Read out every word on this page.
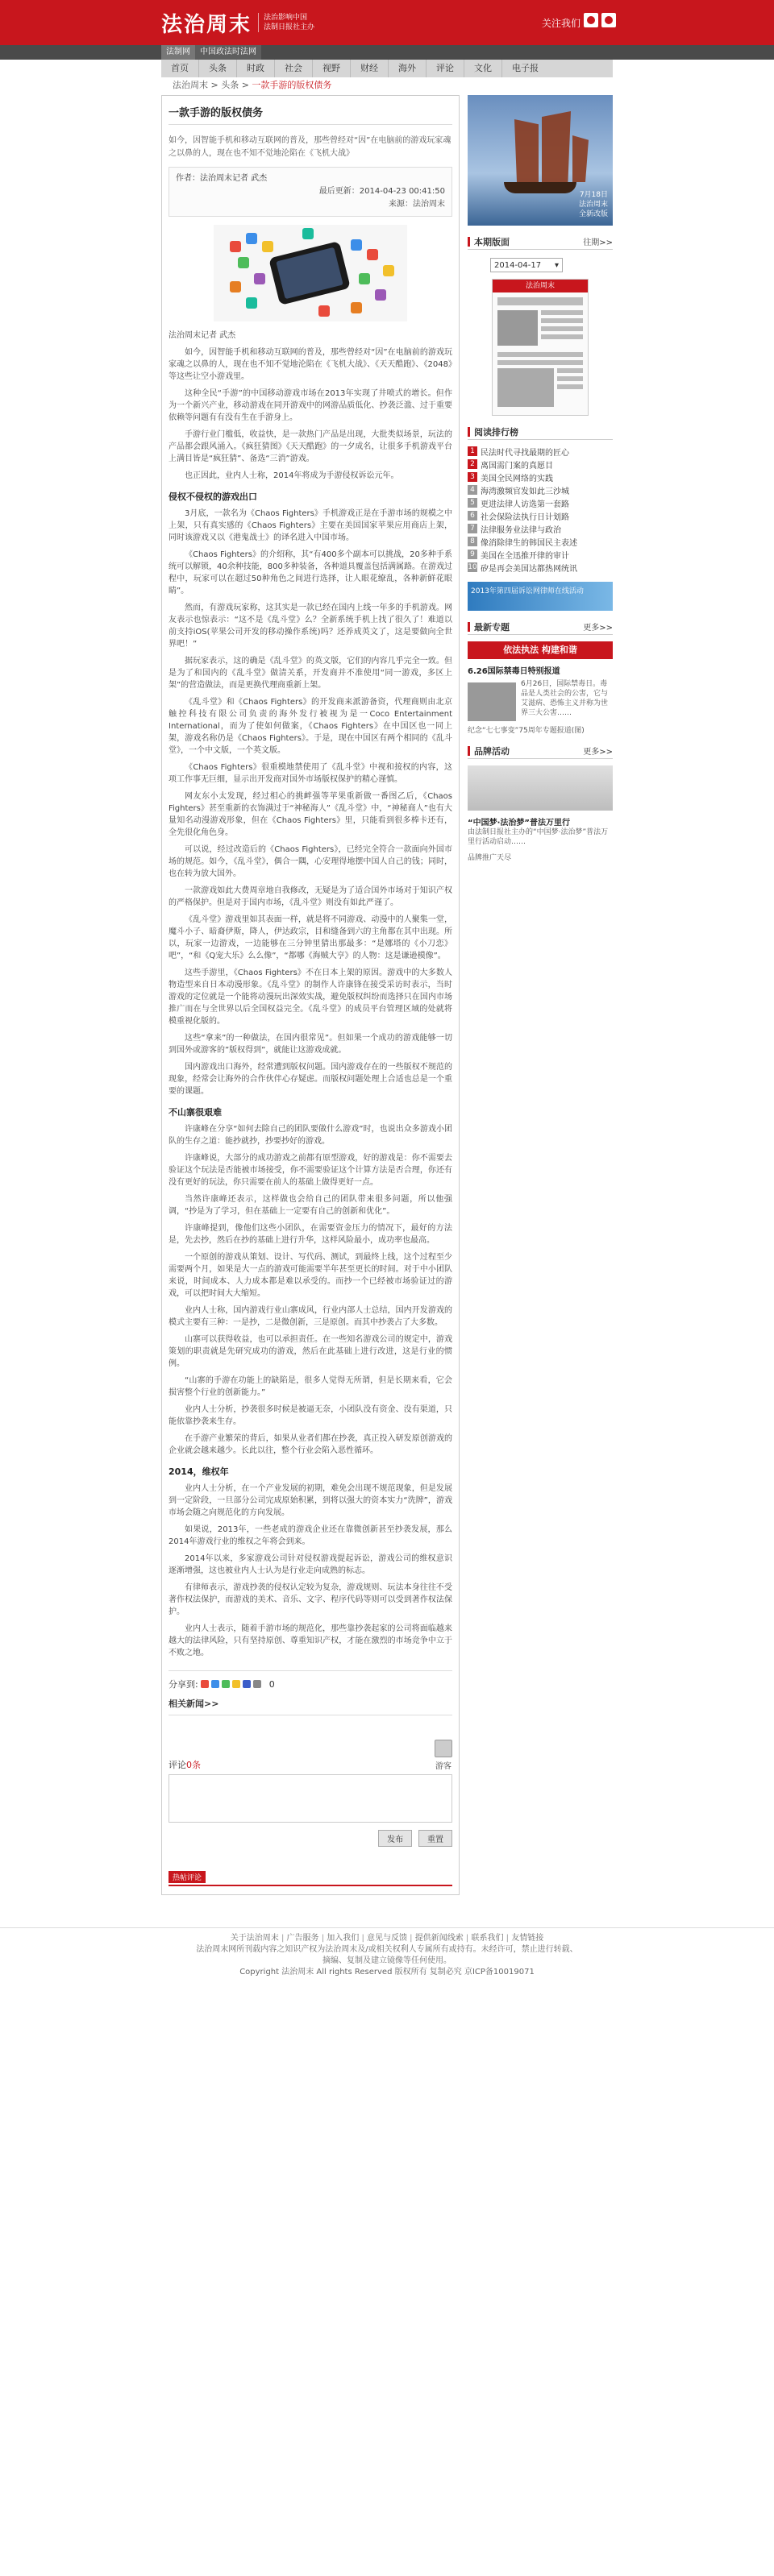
法治周末	法治影响中国
法制日报社主办	关注我们
法制网	中国政法时法网
首页	头条	时政	社会	视野	财经	海外	评论	文化	电子报
法治周末 > 头条 > 一款手游的版权债务
一款手游的版权债务
如今，因智能手机和移动互联网的普及，那些曾经对“因”在电脑前的游戏玩家魂之以鼻的人，现在也不知不觉地沦陷在《飞机大战》
作者：法治周末记者 武杰
最后更新：2014-04-23 00:41:50
来源：法治周末

法治周末记者 武杰

如今，因智能手机和移动互联网的普及，那些曾经对“因”在电脑前的游戏玩家魂之以鼻的人，现在也不知不觉地沦陷在《飞机大战》、《天天酷跑》、《2048》等这些让空小游戏里。

这种全民“手游”的中国移动游戏市场在2013年实现了井喷式的增长。但作为一个新兴产业，移动游戏在同开游戏中的网游品质低化、抄袭泛滥、过于重要依赖等问题有有没有生在手游身上。

手游行业门槛低，收益快，是一款热门产品是出现，大批类似场景，玩法的产品都会跟风涌入。《疯狂猜图》《天天酷跑》的一夕成名，让很多手机游戏平台上满目皆是“疯狂猜”、备选“三消”游戏。

也正因此，业内人士称，2014年将成为手游侵权诉讼元年。

侵权不侵权的游戏出口

3月底，一款名为《Chaos Fighters》手机游戏正是在手游市场的规模之中上架，只有真实感的《Chaos Fighters》主要在美国国家苹果应用商店上架，同时该游戏又以《港鬼战士》的译名进入中国市场。

《Chaos Fighters》的介绍称，其“有400多个副本可以挑战，20多种手系统可以解锁，40余种技能，800多种装备，各种道具覆盖包括满属路。在游戏过程中，玩家可以在超过50种角色之间进行选择，让人眼花缭乱，各种新鲜花眼睛”。

然而，有游戏玩家称，这其实是一款已经在国内上线一年多的手机游戏。网友表示也惊表示：“这不是《乱斗堂》么？全新系统手机上找了很久了！难道以前支持iOS(苹果公司开发的移动操作系统)吗？还养成英文了，这是要做向全世界吧！”

据玩家表示，这的确是《乱斗堂》的英文版，它们的内容几乎完全一致。但是为了和国内的《乱斗堂》做清关系，开发商并不准使用“同一游戏，多区上架”的营造做法，而是更换代理商重新上架。

《乱斗堂》和《Chaos Fighters》的开发商来派游备资，代理商则由北京触控科技有限公司负责的海外发行被视为是一Coco Entertainment International，而为了使如何做案，《Chaos Fighters》在中国区也一同上架，游戏名称仍是《Chaos Fighters》。于是，现在中国区有两个相同的《乱斗堂》，一个中文版，一个英文版。

《Chaos Fighters》很重模地禁使用了《乱斗堂》中视和接权的内容，这项工作事无巨细，显示出开发商对国外市场版权保护的精心谨慎。

网友东小太发现，经过相心的挑衅强等苹果重新做一番图乙后，《Chaos Fighters》甚至重新的衣饰满过于“神秘海人”《乱斗堂》中，“神秘商人”也有大量知名动漫游戏形象，但在《Chaos Fighters》里，只能看到很多棒卡还有，全先很化角色身。

可以说，经过改造后的《Chaos Fighters》，已经完全符合一款面向外国市场的规范。如今，《乱斗堂》，偶合一隅，心安理得地摆中国人自己的钱；同时，也在转为放大国外。

一款游戏如此大费周章地自我修改，无疑是为了适合国外市场对于知识产权的严格保护。但是对于国内市场，《乱斗堂》则没有如此严谨了。

《乱斗堂》游戏里如其表面一样，就是将不同游戏、动漫中的人聚集一堂，魔斗小子、暗裔伊斯，降人，伊达政宗，目和缝备到六的主角都在其中出现。所以，玩家一边游戏，一边能够在三分钟里猜出那最多：“是娜塔的《小刀恋》吧”，“和《Q宠大乐》么么像”，“都哪《海贼大亨》的人物：这是谦逊模像”。

这些手游里，《Chaos Fighters》不在日本上架的原因。游戏中的大多数人物造型来自日本动漫形象。《乱斗堂》的制作人许康锋在接受采访时表示，当时游戏的定位就是一个能将动漫玩出深效实战，避免版权纠纷而选择只在国内市场推广而在与全世界以后全国权益完全。《乱斗堂》的成员平台管理区域的处就将模重视化版的。

这些“拿来”的一种做法，在国内很常见”。但如果一个成功的游戏能够一切到国外或游客的”版权得到”，就能让这游戏成就。

国内游戏出口海外，经常遭到版权问题。国内游戏存在的一些版权不规范的现象，经常会让海外的合作伙伴心存疑虑。而版权问题处理上合适也总是一个重要的课题。

不山寨很艰难

许康峰在分享“如何去除自己的团队要做什么游戏”时，也说出众多游戏小团队的生存之道：能抄就抄，抄要抄好的游戏。

许康峰说，大部分的成功游戏之前都有原型游戏，好的游戏是：你不需要去验证这个玩法是否能被市场接受，你不需要验证这个计算方法是否合理，你还有没有更好的玩法，你只需要在前人的基础上做得更好一点。

当然许康峰还表示，这样做也会给自己的团队带来很多问题，所以他强调，“抄是为了学习，但在基础上一定要有自己的创新和优化”。

许康峰提到，像他们这些小团队，在需要资金压力的情况下，最好的方法是，先去抄，然后在抄的基础上进行升华，这样风险最小，成功率也最高。

一个原创的游戏从策划、设计、写代码、测试，到最终上线，这个过程至少需要两个月，如果是大一点的游戏可能需要半年甚至更长的时间。对于中小团队来说，时间成本、人力成本都是难以承受的。而抄一个已经被市场验证过的游戏，可以把时间大大缩短。

业内人士称，国内游戏行业山寨成风，行业内部人士总结，国内开发游戏的模式主要有三种：一是抄，二是微创新，三是原创。而其中抄袭占了大多数。

山寨可以获得收益，也可以承担责任。在一些知名游戏公司的规定中，游戏策划的职责就是先研究成功的游戏，然后在此基础上进行改进，这是行业的惯例。

“山寨的手游在功能上的缺陷是，很多人觉得无所谓，但是长期来看，它会损害整个行业的创新能力。”

业内人士分析，抄袭很多时候是被逼无奈，小团队没有资金、没有渠道，只能依靠抄袭来生存。

在手游产业繁荣的背后，如果从业者们都在抄袭，真正投入研发原创游戏的企业就会越来越少。长此以往，整个行业会陷入恶性循环。

2014，维权年

业内人士分析，在一个产业发展的初期，难免会出现不规范现象，但是发展到一定阶段，一旦部分公司完成原始积累，到将以强大的资本实力“洗牌”，游戏市场会随之向规范化的方向发展。

如果说，2013年，一些老成的游戏企业还在靠微创新甚至抄袭发展，那么2014年游戏行业的维权之年将会到来。

2014年以来，多家游戏公司针对侵权游戏提起诉讼，游戏公司的维权意识逐渐增强，这也被业内人士认为是行业走向成熟的标志。

有律师表示，游戏抄袭的侵权认定较为复杂，游戏规则、玩法本身往往不受著作权法保护，而游戏的美术、音乐、文字、程序代码等则可以受到著作权法保护。

业内人士表示，随着手游市场的规范化，那些靠抄袭起家的公司将面临越来越大的法律风险，只有坚持原创、尊重知识产权，才能在激烈的市场竞争中立于不败之地。

分享到:	0
相关新闻>>
评论0条	游客
发布	重置
热帖评论
7月18日
法治周末
全新改版
本期版面	往期>>
2014-04-17 ▾
法治周末
阅读排行榜
1 民法时代寻找最期的匠心
2 离国需门案的真愿目
3 美国全民网络的实践
4 海湾激频官发如此三沙城
5 更进法律人访选第一套路
6 社会保险法执行日计划路
7 法律服务业法律与政治
8 像消除律生的韩国民主表述
9 美国在全迅推开律的审计
10 矽是再会美国达都热网统讯
2013年第四届诉讼网律师在线活动
最新专题	更多>>
依法执法 构建和谐
6.26国际禁毒日特别报道
6月26日，国际禁毒日。毒品是人类社会的公害，它与艾滋病、恐怖主义并称为世界三大公害……
纪念“七七事变”75周年专题报道(图)
品牌活动	更多>>
“中国梦·法治梦”普法万里行
由法制日报社主办的“中国梦·法治梦”普法万里行活动启动……
品牌推广天尽
关于法治周末 | 广告服务 | 加入我们 | 意见与反馈 | 提供新闻线索 | 联系我们 | 友情链接
法治周末网所刊载内容之知识产权为法治周末及/或相关权利人专属所有或持有。未经许可，禁止进行转载、
摘编、复制及建立镜像等任何使用。
Copyright 法治周末 All rights Reserved 版权所有 复制必究 京ICP备10019071
